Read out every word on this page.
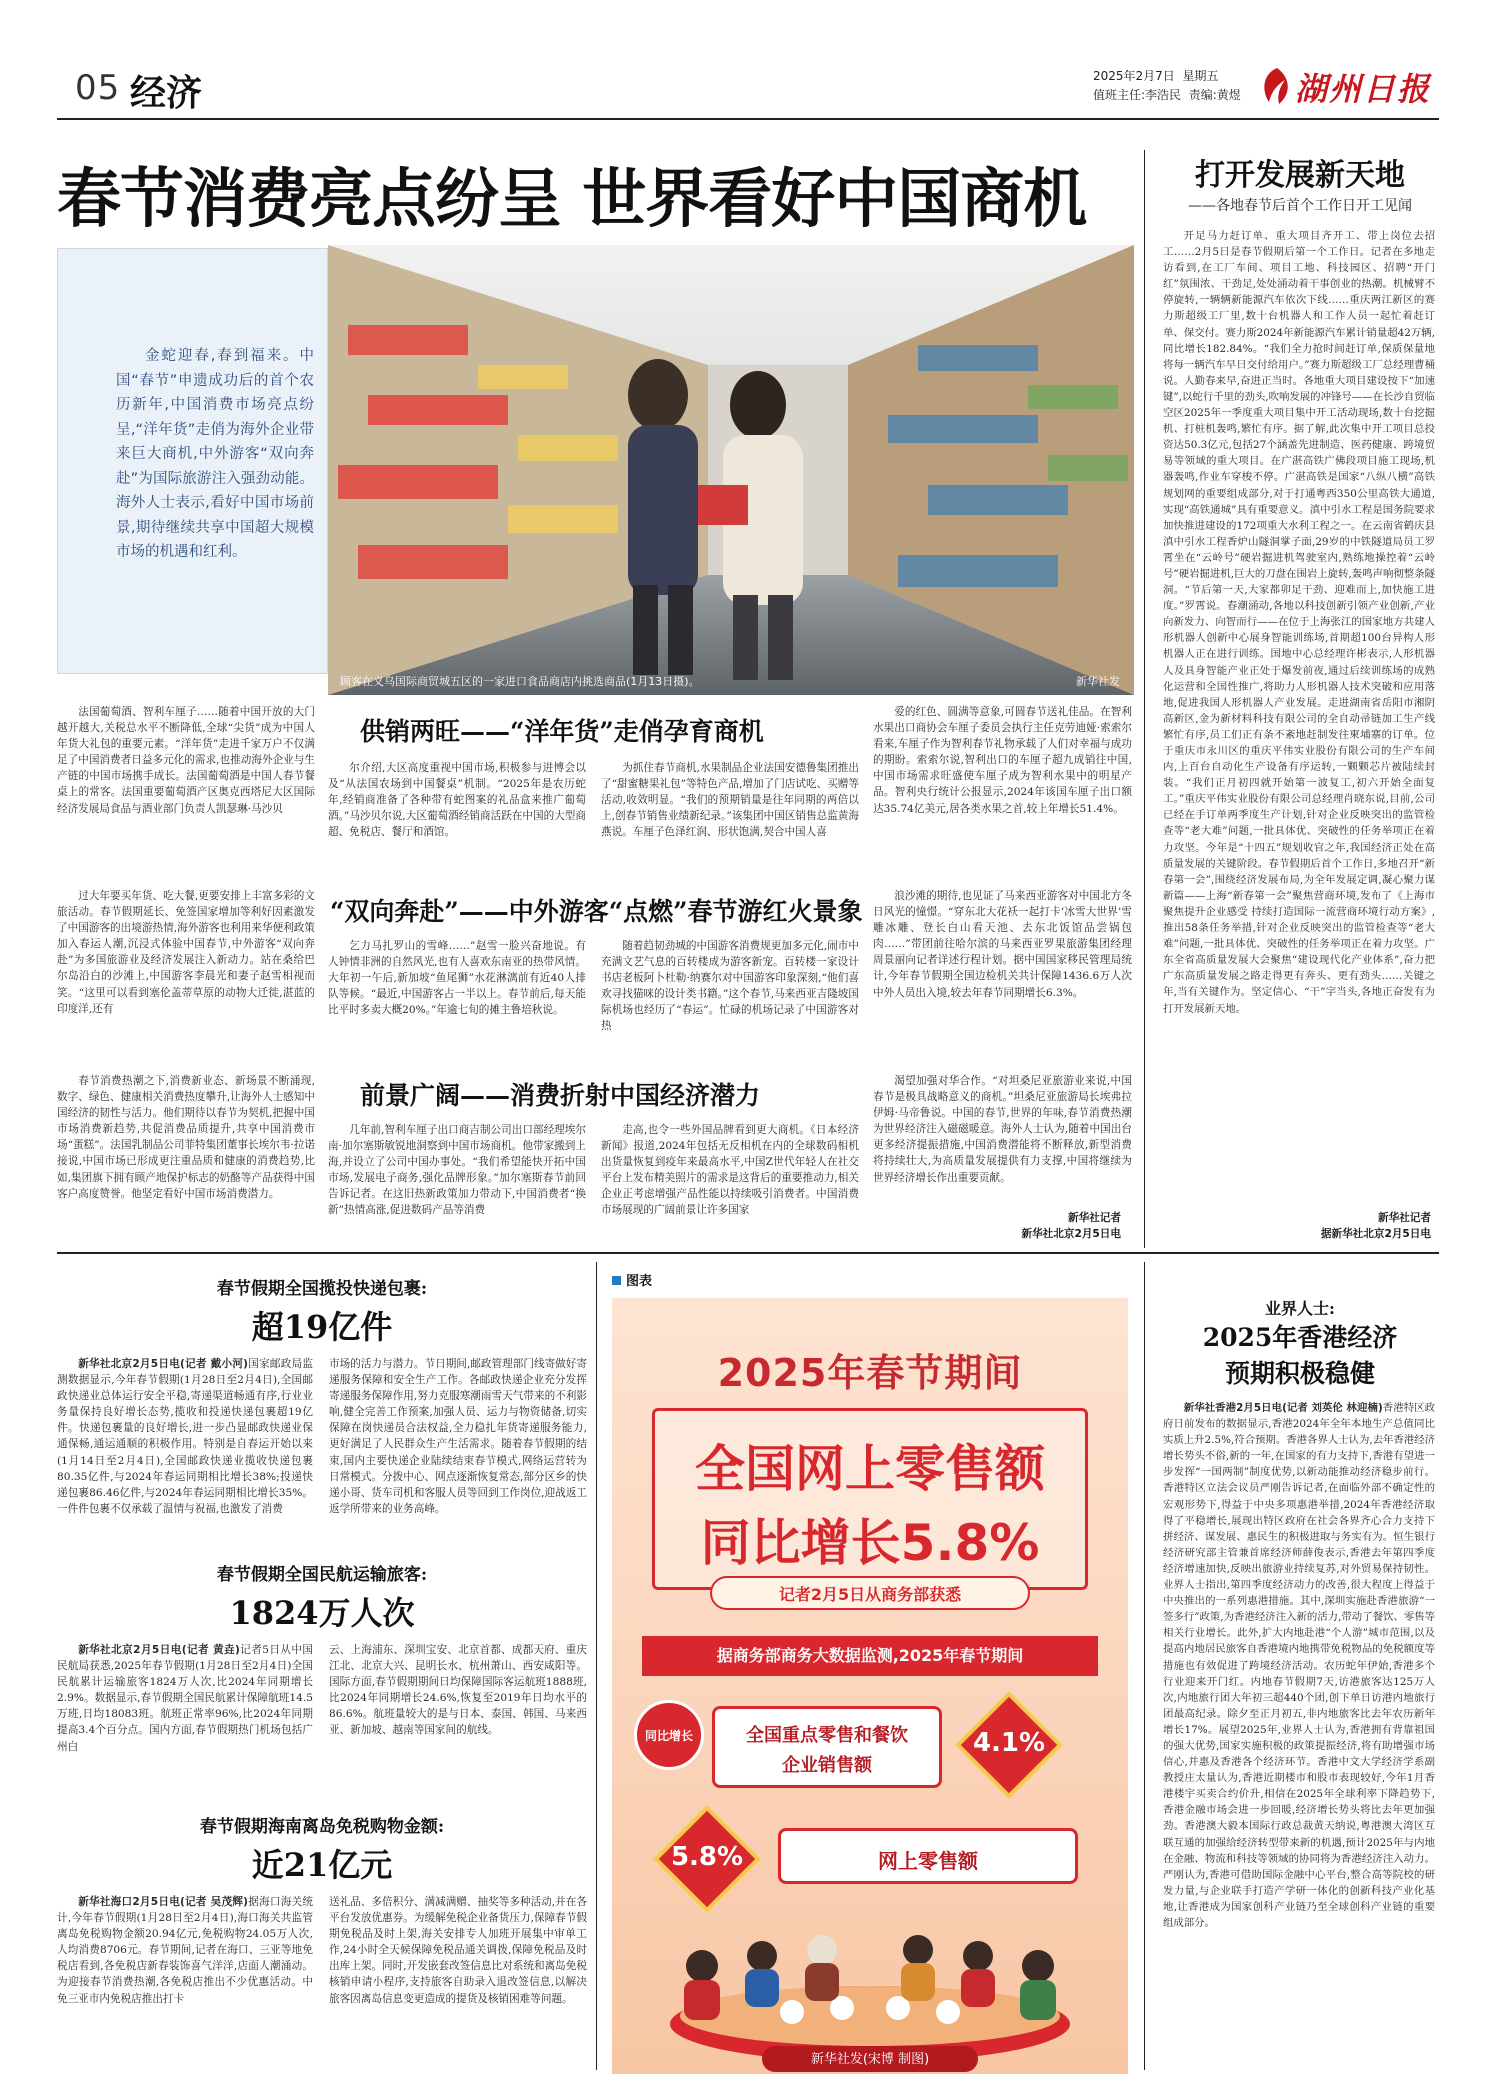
05 经济	2025年2月7日 星期五
值班主任:李浩民 责编:黄煜 湖州日报
春节消费亮点纷呈 世界看好中国商机
金蛇迎春,春到福来。中国“春节”申遗成功后的首个农历新年,中国消费市场亮点纷呈,“洋年货”走俏为海外企业带来巨大商机,中外游客“双向奔赴”为国际旅游注入强劲动能。海外人士表示,看好中国市场前景,期待继续共享中国超大规模市场的机遇和红利。
顾客在义乌国际商贸城五区的一家进口食品商店内挑选商品(1月13日摄)。	新华社发
法国葡萄酒、智利车厘子……随着中国开放的大门越开越大,关税总水平不断降低,全球“尖货”成为中国人年货大礼包的重要元素。“洋年货”走进千家万户不仅满足了中国消费者日益多元化的需求,也推动海外企业与生产链的中国市场携手成长。法国葡萄酒是中国人春节餐桌上的常客。法国重要葡萄酒产区奥克西塔尼大区国际经济发展局食品与酒业部门负责人凯瑟琳·马沙贝
供销两旺——“洋年货”走俏孕育商机
尔介绍,大区高度重视中国市场,积极参与进博会以及“从法国农场到中国餐桌”机制。“2025年是农历蛇年,经销商准备了各种带有蛇图案的礼品盒来推广葡萄酒。”马沙贝尔说,大区葡萄酒经销商活跃在中国的大型商超、免税店、餐厅和酒馆。
为抓住春节商机,水果制品企业法国安德鲁集团推出了“甜蜜糖果礼包”等特色产品,增加了门店试吃、买赠等活动,收效明显。“我们的预期销量是往年同期的两倍以上,创春节销售业绩新纪录。”该集团中国区销售总监黄海燕说。车厘子色泽红润、形状饱满,契合中国人喜
爱的红色、圆满等意象,可圆春节送礼佳品。在智利水果出口商协会车厘子委员会执行主任克劳迪娅·索索尔看来,车厘子作为智利春节礼物承载了人们对幸福与成功的期盼。索索尔说,智利出口的车厘子超九成销往中国,中国市场需求旺盛使车厘子成为智利水果中的明星产品。智利央行统计公报显示,2024年该国车厘子出口额达35.74亿美元,居各类水果之首,较上年增长51.4%。
过大年要买年货、吃大餐,更要安排上丰富多彩的文旅活动。春节假期延长、免签国家增加等利好因素激发了中国游客的出境游热情,海外游客也利用来华便利政策加入春运人潮,沉浸式体验中国春节,中外游客“双向奔赴”为多国旅游业及经济发展注入新动力。站在桑给巴尔岛沿白的沙滩上,中国游客李晨光和妻子赵雪相视而笑。“这里可以看到塞伦盖蒂草原的动物大迁徙,湛蓝的印度洋,还有
“双向奔赴”——中外游客“点燃”春节游红火景象
乞力马扎罗山的雪峰……”赵雪一脸兴奋地说。有人钟情非洲的自然风光,也有人喜欢东南亚的热带风情。大年初一午后,新加坡“鱼尾狮”水花淋漓前有近40人排队等候。“最近,中国游客占一半以上。春节前后,每天能比平时多卖大概20%。”年逾七旬的摊主鲁培秋说。
随着趋韧劲城的中国游客消费规更加多元化,闹市中充满文艺气息的百转楼成为游客新宠。百转楼一家设计书店老板阿卜杜勒·纳赛尔对中国游客印象深刻,“他们喜欢寻找猫咪的设计类书籍。”这个春节,马来西亚吉隆坡国际机场也经历了“春运”。忙碌的机场记录了中国游客对热
浪沙滩的期待,也见证了马来西亚游客对中国北方冬日风光的憧憬。“穿东北大花袄一起打卡‘冰雪大世界’雪雕冰雕、登长白山看天池、去东北饭馆品尝锅包肉……”带团前往哈尔滨的马来西亚罗果旅游集团经理周景丽向记者详述行程计划。据中国国家移民管理局统计,今年春节假期全国边检机关共计保障1436.6万人次中外人员出入境,较去年春节同期增长6.3%。
春节消费热潮之下,消费新业态、新场景不断涌现,数字、绿色、健康相关消费热度攀升,让海外人士感知中国经济的韧性与活力。他们期待以春节为契机,把握中国市场消费新趋势,共促消费品质提升,共享中国消费市场“蛋糕”。法国乳制品公司菲特集团董事长埃尔韦·拉诺接说,中国市场已形成更注重品质和健康的消费趋势,比如,集团旗下拥有顾产地保护标志的奶酪等产品获得中国客户高度赞誉。他坚定看好中国市场消费潜力。
前景广阔——消费折射中国经济潜力
几年前,智利车厘子出口商吉制公司出口部经理埃尔南·加尔塞斯敏锐地洞察到中国市场商机。他带家搬到上海,并设立了公司中国办事处。“我们希望能快开拓中国市场,发展电子商务,强化品牌形象。”加尔塞斯春节前回告诉记者。在这旧热新政策加力带动下,中国消费者“换新”热情高涨,促进数码产品等消费
走高,也令一些外国品牌看到更大商机。《日本经济新闻》报道,2024年包括无反相机在内的全球数码相机出货量恢复到疫年来最高水平,中国Z世代年轻人在社交平台上发布精美照片的需求是这背后的重要推动力,相关企业正考虑增强产品性能以持续吸引消费者。中国消费市场展现的广阔前景让许多国家
渴望加强对华合作。“对坦桑尼亚旅游业来说,中国春节是极具战略意义的商机。”坦桑尼亚旅游局长埃弗拉伊姆·马帝鲁说。中国的春节,世界的年味,春节消费热潮为世界经济注入磁磁暖意。海外人士认为,随着中国出台更多经济提振措施,中国消费潜能将不断释放,新型消费将持续壮大,为高质量发展提供有力支撑,中国将继续为世界经济增长作出重要贡献。
新华社记者
新华社北京2月5日电
打开发展新天地
——各地春节后首个工作日开工见闻
开足马力赶订单、重大项目齐开工、带上岗位去招工……2月5日是春节假期后第一个工作日。记者在多地走访看到,在工厂车间、项目工地、科技园区、招聘“开门红”氛围浓、干劲足,处处涌动着干事创业的热潮。机械臂不停旋转,一辆辆新能源汽车依次下线……重庆两江新区的赛力斯超级工厂里,数十台机器人和工作人员一起忙着赶订单、保交付。赛力斯2024年新能源汽车累计销量超42万辆,同比增长182.84%。“我们全力抢时间赶订单,保质保量地将每一辆汽车早日交付给用户。”赛力斯超级工厂总经理曹桶说。人勤春来早,奋进正当时。各地重大项目建设按下“加速键”,以蛇行千里的劲头,吹响发展的冲锋号——在长沙自贸临空区2025年一季度重大项目集中开工活动现场,数十台挖掘机、打桩机轰鸣,繁忙有序。据了解,此次集中开工项目总投资达50.3亿元,包括27个涵盖先进制造、医药健康、跨境贸易等领域的重大项目。在广湛高铁广佛段项目施工现场,机器轰鸣,作业车穿梭不停。广湛高铁是国家“八纵八横”高铁规划网的重要组成部分,对于打通粤西350公里高铁大通道,实现“高铁通城”具有重要意义。滇中引水工程是国务院要求加快推进建设的172项重大水利工程之一。在云南省鹤庆县滇中引水工程香炉山隧洞掌子面,29岁的中铁隧道局员工罗霄坐在“云岭号”硬岩掘进机驾驶室内,熟练地操控着“云岭号”硬岩掘进机,巨大的刀盘在围岩上旋转,轰鸣声响彻整条隧洞。“节后第一天,大家都卯足干劲、迎难而上,加快施工进度。”罗霄说。春潮涌动,各地以科技创新引领产业创新,产业向新发力、向智而行——在位于上海张江的国家地方共建人形机器人创新中心展身智能训练场,首期超100台异构人形机器人正在进行训练。国地中心总经理许彬表示,人形机器人及具身智能产业正处于爆发前夜,通过后续训练场的成熟化运营和全国性推广,将助力人形机器人技术突破和应用落地,促进我国人形机器人产业发展。走进湖南省岳阳市湘阴高新区,金为新材料科技有限公司的全自动帚链加工生产线繁忙有序,员工们正有条不紊地赶制发往柬埔寨的订单。位于重庆市永川区的重庆平伟实业股份有限公司的生产车间内,上百台自动化生产设备有序运转,一颗颗芯片被陆续封装。“我们正月初四就开始第一波复工,初六开始全面复工。”重庆平伟实业股份有限公司总经理肖晓东说,目前,公司已经在手订单两季度生产计划,针对企业反映突出的监管检查等“老大难”问题,一批具体优、突破性的任务举项正在着力攻坚。今年是“十四五”规划收官之年,我国经济正处在高质量发展的关键阶段。春节假期后首个工作日,多地召开“新春第一会”,围绕经济发展布局,为全年发展定调,凝心聚力谋新篇——上海“新春第一会”聚焦营商环境,发布了《上海市聚焦提升企业感受 持续打造国际一流营商环境行动方案》,推出58条任务举措,针对企业反映突出的监管检查等“老大难”问题,一批具体优、突破性的任务举项正在着力攻坚。广东全省高质量发展大会聚焦“建设现代化产业体系”,奋力把广东高质量发展之路走得更有奔头、更有劲头……关键之年,当有关键作为。坚定信心、“干”字当头,各地正奋发有为打开发展新天地。
新华社记者
据新华社北京2月5日电
春节假期全国揽投快递包裹:
超19亿件
新华社北京2月5日电(记者 戴小河)国家邮政局监测数据显示,今年春节假期(1月28日至2月4日),全国邮政快递业总体运行安全平稳,寄递渠道畅通有序,行业业务量保持良好增长态势,揽收和投递快递包裹超19亿件。快递包裹量的良好增长,进一步凸显邮政快递业保通保畅,通运通顺的积极作用。特别是自春运开始以来(1月14日至2月4日),全国邮政快递业揽收快递包裹80.35亿件,与2024年春运同期相比增长38%;投递快递包裹86.46亿件,与2024年春运同期相比增长35%。一件件包裹不仅承载了温情与祝福,也激发了消费
市场的活力与潜力。节日期间,邮政管理部门线寄做好寄递服务保障和安全生产工作。各邮政快递企业充分发挥寄递服务保障作用,努力克服寒潮雨雪天气带来的不利影响,健全完善工作预案,加强人员、运力与物资储备,切实保障在岗快递员合法权益,全力稳扎年货寄递服务能力,更好满足了人民群众生产生活需求。随着春节假期的结束,国内主要快递企业陆续结束春节模式,网络运营转为日常模式。分拨中心、网点逐渐恢复常态,部分区乡的快递小哥、货车司机和客服人员等回到工作岗位,迎战返工返学所带来的业务高峰。
春节假期全国民航运输旅客:
1824万人次
新华社北京2月5日电(记者 黄垚)记者5日从中国民航局获悉,2025年春节假期(1月28日至2月4日)全国民航累计运输旅客1824万人次,比2024年同期增长2.9%。数据显示,春节假期全国民航累计保障航班14.5万班,日均18083班。航班正常率96%,比2024年同期提高3.4个百分点。国内方面,春节假期热门机场包括广州白
云、上海浦东、深圳宝安、北京首都、成都天府、重庆江北、北京大兴、昆明长水、杭州萧山、西安咸阳等。国际方面,春节假期期间日均保障国际客运航班1888班,比2024年同期增长24.6%,恢复至2019年日均水平的86.6%。航班量较大的是与日本、泰国、韩国、马来西亚、新加坡、越南等国家间的航线。
春节假期海南离岛免税购物金额:
近21亿元
新华社海口2月5日电(记者 吴茂辉)据海口海关统计,今年春节假期(1月28日至2月4日),海口海关共监管离岛免税购物金额20.94亿元,免税购物24.05万人次,人均消费8706元。春节期间,记者在海口、三亚等地免税店看到,各免税店新春装饰喜气洋洋,店面人潮涌动。为迎接春节消费热潮,各免税店推出不少优惠活动。中免三亚市内免税店推出打卡
送礼品、多倍积分、满减满赠、抽奖等多种活动,并在各平台发放优惠券。为缓解免税企业备货压力,保障春节假期免税品及时上架,海关安排专人加班开展集中审单工作,24小时全天候保障免税品通关调拨,保障免税品及时出库上架。同时,开发嵌套改签信息比对系统和离岛免税核销申请小程序,支持旅客自助录入退改签信息,以解决旅客因离岛信息变更造成的提货及核销困难等问题。
图表
2025年春节期间
全国网上零售额
同比增长5.8%
记者2月5日从商务部获悉
据商务部商务大数据监测,2025年春节期间
同比增长	全国重点零售和餐饮
企业销售额
4.1%
5.8%	网上零售额
新华社发(宋博 制图)
业界人士:
2025年香港经济
预期积极稳健
新华社香港2月5日电(记者 刘英伦 林迎楠)香港特区政府日前发布的数据显示,香港2024年全年本地生产总值同比实质上升2.5%,符合预期。香港各界人士认为,去年香港经济增长势头不俗,新的一年,在国家的有力支持下,香港有望进一步发挥“一国两制”制度优势,以新动能推动经济稳步前行。香港特区立法会议员严刚告诉记者,在面临外部不确定性的宏观形势下,得益于中央多项惠港举措,2024年香港经济取得了平稳增长,展现出特区政府在社会各界齐心合力支持下拼经济、谋发展、惠民生的积极进取与务实有为。恒生银行经济研究部主管兼首席经济师薛俊表示,香港去年第四季度经济增速加快,反映出旅游业持续复苏,对外贸易保持韧性。业界人士指出,第四季度经济动力的改善,很大程度上得益于中央推出的一系列惠港措施。其中,深圳实施赴香港旅游“一签多行”政策,为香港经济注入新的活力,带动了餐饮、零售等相关行业增长。此外,扩大内地赴港“个人游”城市范围,以及提高内地居民旅客自香港境内地携带免税物品的免税额度等措施也有效促进了跨境经济活动。农历蛇年伊始,香港多个行业迎来开门红。内地春节假期7天,访港旅客达125万人次,内地旅行团大年初三超440个团,创下单日访港内地旅行团最高纪录。除夕至正月初五,非内地旅客比去年农历新年增长17%。展望2025年,业界人士认为,香港拥有背靠祖国的强大优势,国家实施积极的政策提振经济,将有助增强市场信心,并惠及香港各个经济环节。香港中文大学经济学系副教授庄太量认为,香港近期楼市和股市表现较好,今年1月香港楼宇买卖合约价升,相信在2025年全球利率下降趋势下,香港金融市场会进一步回暖,经济增长势头将比去年更加强劲。香港澳大毅本国际行政总裁黄天纳说,粤港澳大湾区互联互通的加强给经济转型带来新的机遇,预计2025年与内地在金融、物流和科技等领域的协同将为香港经济注入动力。严刚认为,香港可借助国际金融中心平台,整合高等院校的研发力量,与企业联手打造产学研一体化的创新科技产业化基地,让香港成为国家创科产业链乃至全球创科产业链的重要组成部分。
